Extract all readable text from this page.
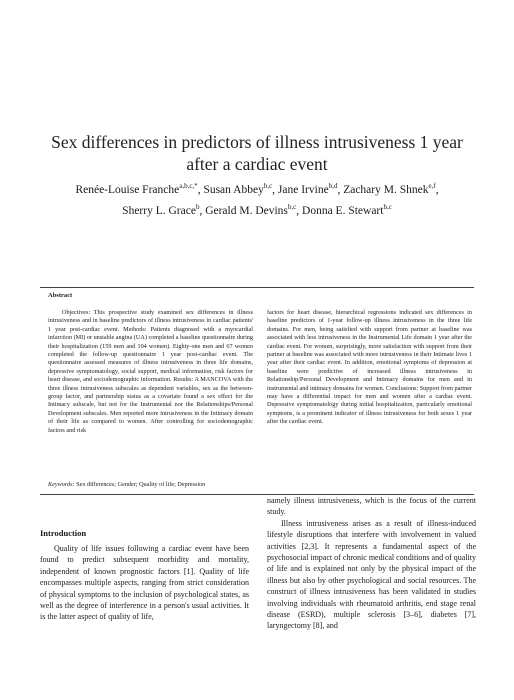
Sex differences in predictors of illness intrusiveness 1 year after a cardiac event
Renée-Louise Franche$^{a,b,c,*}$, Susan Abbey$^{b,c}$, Jane Irvine$^{b,d}$, Zachary M. Shnek$^{e,f}$,
Sherry L. Grace$^b$, Gerald M. Devins$^{b,c}$, Donna E. Stewart$^{b,c}$
Abstract

Objectives: This prospective study examined sex differences in illness intrusiveness and in baseline predictors of illness intrusiveness in cardiac patients' 1 year post-cardiac event. Methods: Patients diagnosed with a myocardial infarction (MI) or unstable angina (UA) completed a baseline questionnaire during their hospitalization (159 men and 104 women). Eighty-one men and 67 women completed the follow-up questionnaire 1 year post-cardiac event. The questionnaire assessed measures of illness intrusiveness in three life domains, depressive symptomatology, social support, medical information, risk factors for heart disease, and sociodemographic information. Results: A MANCOVA with the three illness intrusiveness subscales as dependent variables, sex as the between-group factor, and partnership status as a covariate found a sex effect for the Intimacy subscale, but not for the Instrumental nor the Relationships/Personal Development subscales. Men reported more intrusiveness in the Intimacy domain of their life as compared to women. After controlling for sociodemographic factors and risk

factors for heart disease, hierarchical regressions indicated sex differences in baseline predictors of 1-year follow-up illness intrusiveness in the three life domains. For men, being satisfied with support from partner at baseline was associated with less intrusiveness in the Instrumental Life domain 1 year after the cardiac event. For women, surprisingly, more satisfaction with support from their partner at baseline was associated with more intrusiveness in their Intimate lives 1 year after their cardiac event. In addition, emotional symptoms of depression at baseline were predictive of increased illness intrusiveness in Relationship/Personal Development and Intimacy domains for men and in instrumental and intimacy domains for women. Conclusions: Support from partner may have a differential impact for men and women after a cardiac event. Depressive symptomatology during initial hospitalization, particularly emotional symptoms, is a prominent indicator of illness intrusiveness for both sexes 1 year after the cardiac event.

Keywords: Sex differences; Gender; Quality of life; Depression
Introduction

Quality of life issues following a cardiac event have been found to predict subsequent morbidity and mortality, independent of known prognostic factors [1]. Quality of life encompasses multiple aspects, ranging from strict consideration of physical symptoms to the inclusion of psychological states, as well as the degree of interference in a person's usual activities. It is the latter aspect of quality of life,

namely illness intrusiveness, which is the focus of the current study.

Illness intrusiveness arises as a result of illness-induced lifestyle disruptions that interfere with involvement in valued activities [2,3]. It represents a fundamental aspect of the psychosocial impact of chronic medical conditions and of quality of life and is explained not only by the physical impact of the illness but also by other psychological and social resources. The construct of illness intrusiveness has been validated in studies involving individuals with rheumatoid arthritis, end stage renal disease (ESRD), multiple sclerosis [3–6], diabetes [7], laryngectomy [8], and
